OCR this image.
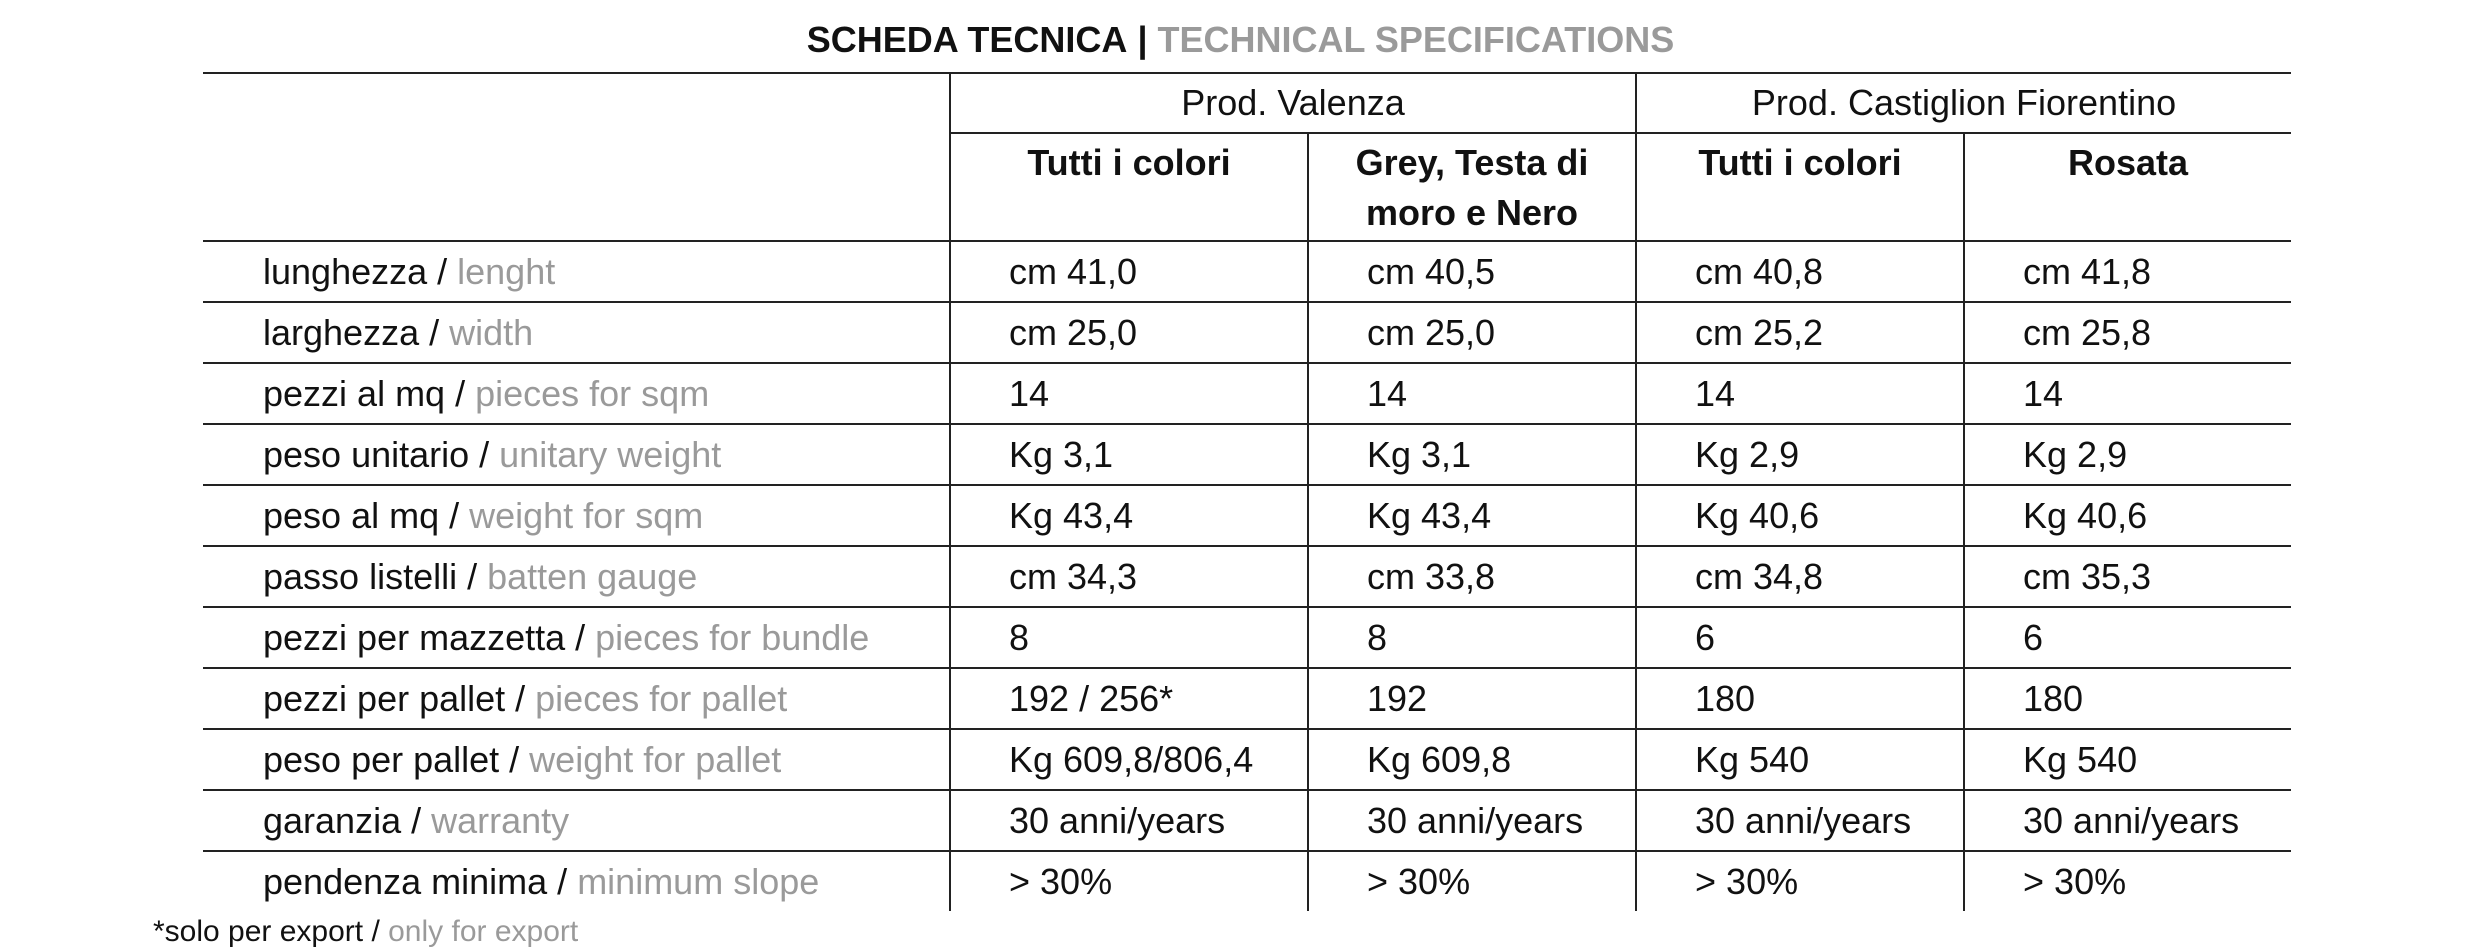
SCHEDA TECNICA | TECHNICAL SPECIFICATIONS
	Prod. Valenza		Prod. Castiglion Fiorentino	
	Tutti i colori	Grey, Testa di
moro e Nero	Tutti i colori	Rosata
lunghezza / lenght	cm 41,0	cm 40,5	cm 40,8	cm 41,8
larghezza / width	cm 25,0	cm 25,0	cm 25,2	cm 25,8
pezzi al mq / pieces for sqm	14	14	14	14
peso unitario / unitary weight	Kg 3,1	Kg 3,1	Kg 2,9	Kg 2,9
peso al mq / weight for sqm	Kg 43,4	Kg 43,4	Kg 40,6	Kg 40,6
passo listelli / batten gauge	cm 34,3	cm 33,8	cm 34,8	cm 35,3
pezzi per mazzetta / pieces for bundle	8	8	6	6
pezzi per pallet / pieces for pallet	192 / 256*	192	180	180
peso per pallet / weight for pallet	Kg 609,8/806,4	Kg 609,8	Kg 540	Kg 540
garanzia / warranty	30 anni/years	30 anni/years	30 anni/years	30 anni/years
pendenza minima / minimum slope	> 30%	> 30%	> 30%	> 30%
*solo per export / only for export
